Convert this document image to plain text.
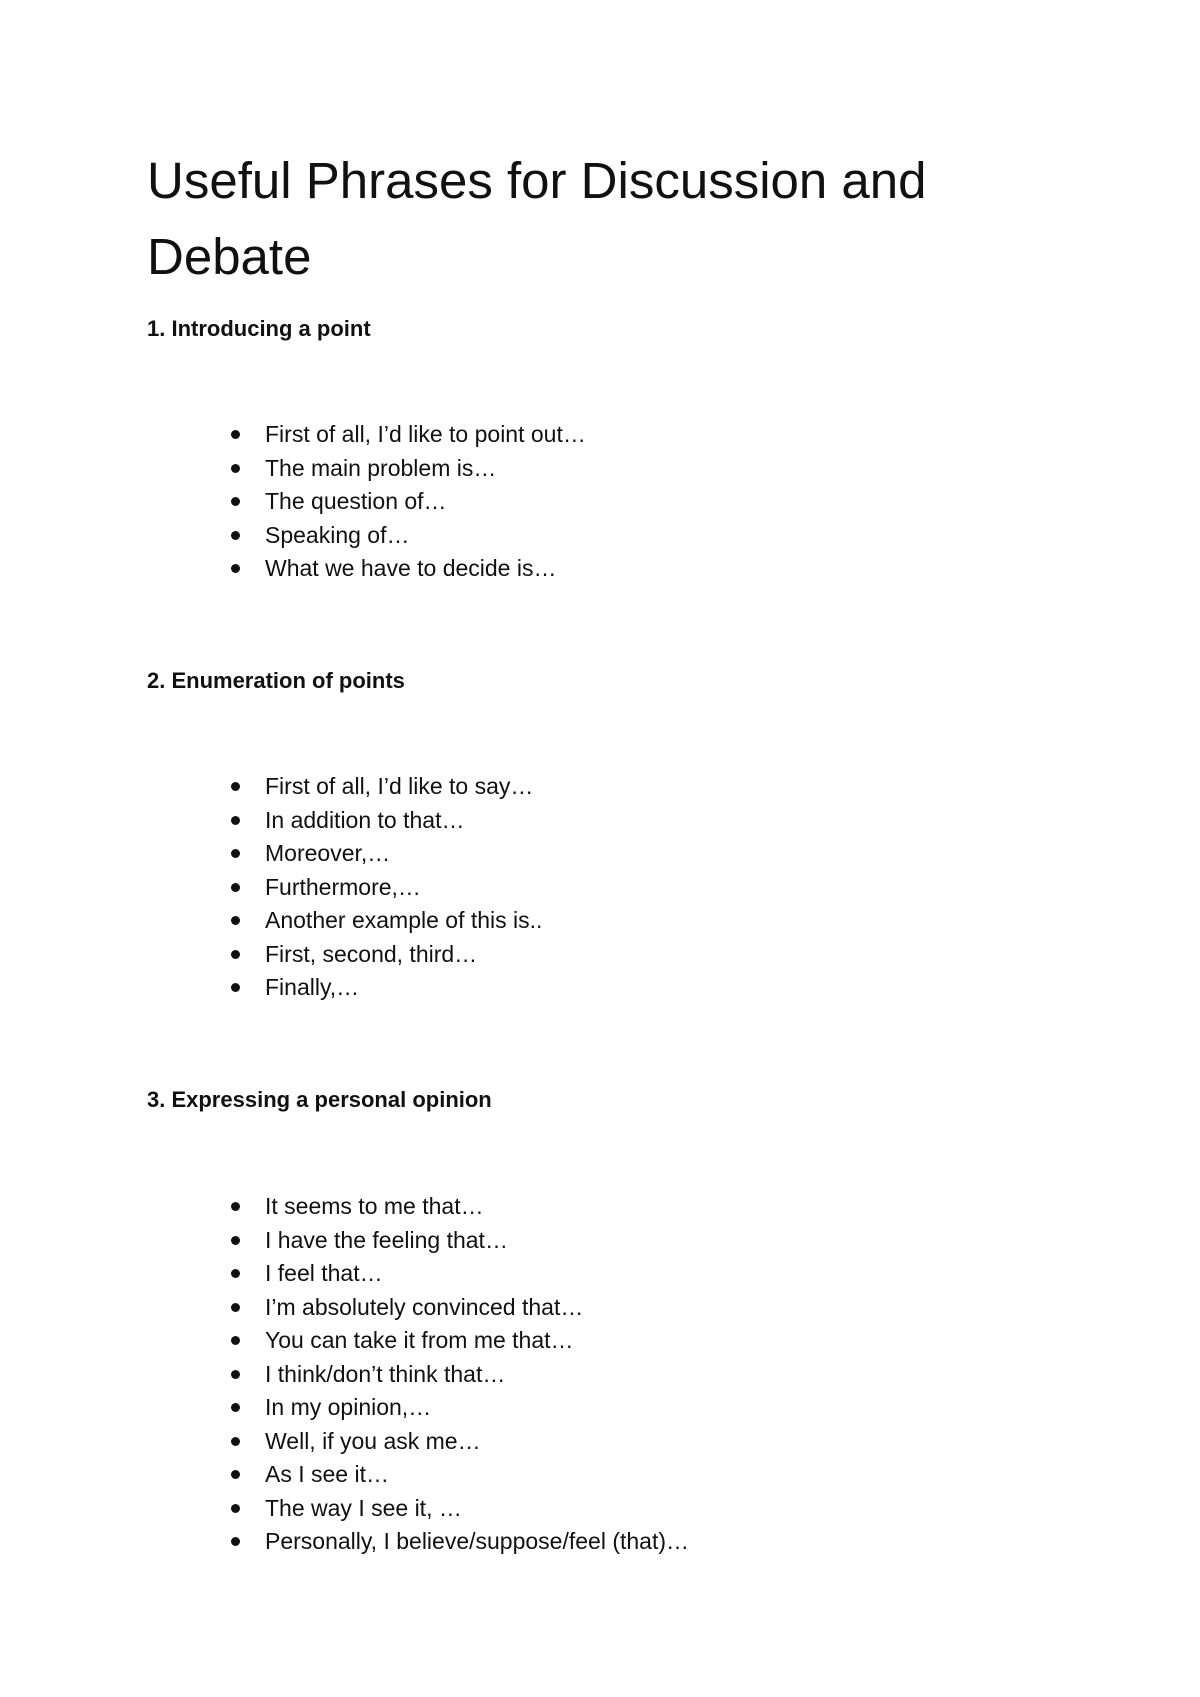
Useful Phrases for Discussion and Debate
1. Introducing a point
First of all, I’d like to point out…
The main problem is…
The question of…
Speaking of…
What we have to decide is…
2. Enumeration of points
First of all, I’d like to say…
In addition to that…
Moreover,…
Furthermore,…
Another example of this is..
First, second, third…
Finally,…
3. Expressing a personal opinion
It seems to me that…
I have the feeling that…
I feel that…
I’m absolutely convinced that…
You can take it from me that…
I think/don’t think that…
In my opinion,…
Well, if you ask me…
As I see it…
The way I see it, …
Personally, I believe/suppose/feel (that)…
